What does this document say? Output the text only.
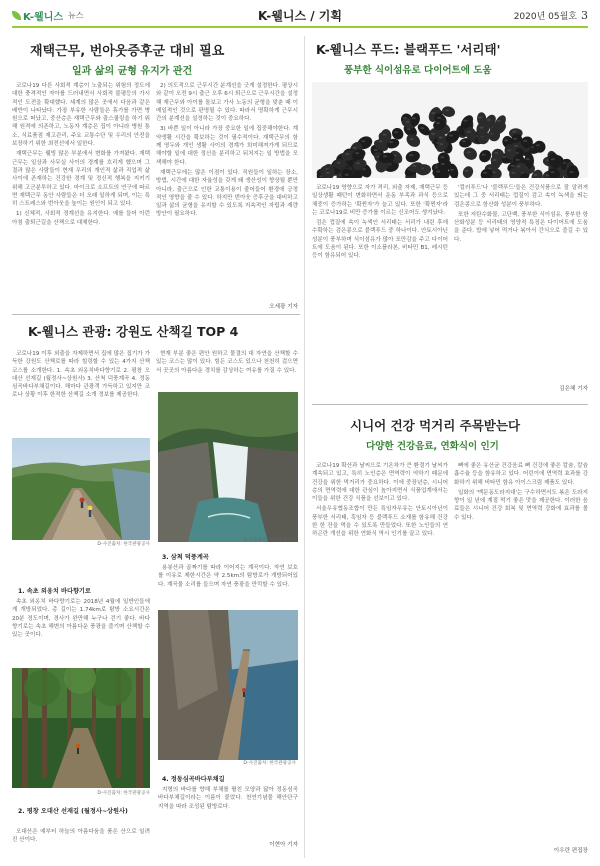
K-웰니스 뉴스	K-웰니스 / 기획	2020년 05월호 3
재택근무, 번아웃증후군 대비 필요
일과 삶의 균형 유지가 관건

코로나19 다른 사회적 계층이 노출되는 위험의 정도에 대한 충격적인 자아를 드러내면서 사회적 불평등의 가시적인 도전을 확대했다. 세계의 많은 곳에서 다음과 같은 배반이 나타났다. 가장 부유한 사람들은 휴가를 가면 병원으로 떠났고, 중산층은 재택근무와 출스쿨링을 하기 위해 원격에 의존하고, 노동자 계층은 집이 아니라 병원 통소, 식료품점 재고관리, 주요 교통수단 및 우리의 안전을 보장하기 위한 최전선에서 일한다.

재택근무는 웰빙 많은 부분에서 변화를 가져왔다. 재택근무는 일상과 사무실 사이의 경계를 흐리게 했으며 그 결과 많은 사람들이 현재 우리의 개인적 삶과 직업적 삶 사이에 존재하는 건강한 경계 및 정신적 행복을 지키기 위해 고군분투하고 있다. 마이크로 소프트의 연구에 따르면 재택근무 동안 사람들은 더 오래 일하게 되며, 이는 특히 스트레스와 번아웃을 높이는 원인이 되고 있다.

1) 신체적, 사회적 경계선을 유지한다. 예를 들어 이런 아침 출퇴근길을 산책으로 대체한다.

2) 의도적으로 근무시간 분계선을 긋게 설정한다. 평상시와 같이 오전 9시 출근 오후 6시 퇴근으로 근무시간을 설정해 재근무와 아이를 돌보고 가사 노동의 균형을 맞춘 때 이메일적인 것으로 판명될 수 있다. 따라서 명확하게 근무시간의 분계선을 설정하는 것이 중요하다.

3) 바쁜 일이 아니라 가장 중요한 일에 집중해야한다. 계약생활 시간을 확보하는 것이 필수적이다. 재택근무의 함께 영두와 개인 생활 사이의 경계가 희미해져가게 되므로 해야할 일에 대한 정신을 분리하고 뒤처지는 일 방법을 모색해야 한다.

재택근무에는 많은 이점이 있다. 직원들이 일하는 장소, 방법, 시간에 대한 자율성을 갖게 돼 생산성이 향상될 뿐만 아니라, 출근으로 인한 교통이용이 줄어들어 환경에 긍정적인 영향을 줄 수 있다. 하지만 번아웃 증후군을 대비하고 일과 삶의 균형을 유지할 수 있도록 지속적인 자립과 재량 방안이 필요하다.

오세광 기자
K-웰니스 관광: 강원도 산책길 TOP 4

코로나19 이후 외출을 자제하면서 집에 많은 집기가 가득한 강원도 산책로를 따라 힐링할 수 있는 4가지 산책 코스를 소개한다. 1. 속초 외옹치바다향기로 2. 평창 오대산 선재길 (월정사~상원사) 3. 산척 덕풍계곡 4. 정동심곡바다부채길이다. 해마다 관광객 가득하고 있지만 코로나 상황 이후 한적한 산책길 소개 정보를 제공한다.

현재 부분 좋은 편안 원하고 물결의 대 자연을 산책할 수 있는 코스는 많이 있다. 힘든 코스도 있으나 천천히 걸으면서 곳곳의 아름다운 경치를 감상하는 여유를 가질 수 있다.

D-사진출처: 한국관광공사
1. 속초 외옹치 바다향기로

속초 외옹치 바다향기로는 2018년 4월에 일반인들에게 개방되었다. 총 길이는 1.74km로 탐방 소요시간은 20분 정도이며, 경사가 완만해 누구나 걷기 좋다. 바다 향기로는 속초 해변의 아름다운 풍광을 즐기며 산책할 수 있는 곳이다.

D-사진출처: 한국관광공사
2. 평창 오대산 선재길 (월정사~상원사)

오대산은 예부터 하늘의 아름다움을 품은 산으로 일려진 산이다.

D-사진출처: 한국관광공사
3. 삼척 덕풍계곡

용봉산과 골짜기를 따라 이어지는 계곡이다. 자연 보호를 이유로 제한시간은 약 2.5km의 탐방로가 개방되어있다. 계곡물 소리를 들으며 자연 풍광을 만끽할 수 있다.

D-사진출처: 한국관광공사
4. 정동심곡바다부채길

지형의 바다를 향해 부채를 펼친 모양과 닮아 정동심곡바다부채길이라는 이름이 붙었다. 천연기념물 해안단구 지역을 따라 조성된 탐방로다.

이현아 기자
K-웰니스 푸드: 블랙푸드 '서리태'
풍부한 식이섬유로 다이어트에 도움

코로나19 영향으로 자가 격리, 외출 자제, 재택근무 등 일상생활 패턴이 변화하면서 운동 부족과 과식 등으로 체중이 증가하는 '확찐자'가 늘고 있다. 또한 '확찐자'라는 코로나19로 비만 증가를 이르는 신조어도 생겨났다.

검은 껍질에 속이 녹색인 서리태는 서리가 내린 후에 수확하는 검은콩으로 블랙푸드 중 하나이다. 안토시아닌 성분이 풍부하며 식이섬유가 많아 포만감을 주고 다이어트에 도움이 된다. 또한 이소플라본, 비타민 B1, 레시틴 등이 함유되어 있다.

'컬러푸드'나 '블랙푸드'들은 건강식품으로 잘 알려져 있는데 그 중 서리태는 껍질이 검고 속이 녹색을 띄는 검은콩으로 항산화 성분이 풍부하다.

또한 저탄수화물, 고단백, 풍부한 식이섬유, 풍부한 항산화성분 등 서리태의 영양적 특징은 다이어트에 도움을 준다. 밥에 넣어 먹거나 볶아서 간식으로 즐길 수 있다.

김은혜 기자
시니어 건강 먹거리 주목받는다
다양한 건강음료, 연화식이 인기

코로나19 확산과 날씨으로 기온차가 큰 환절기 날씨가 계속되고 있고, 특히 노인층은 면역력이 약하기 때문에 건강을 위한 먹거리가 중요하다. 이에 중장년층, 시니어층의 면역력에 대한 관심이 높아지면서 식품업계에서는 이들을 위한 건강 식품을 선보이고 있다.

서울우유협동조합이 만든 특임자우유는 안토시아닌이 풍부한 서리태, 흑임자 등 블랙푸드 소재를 함유해 건강한 한 잔을 먹을 수 있도록 만들었다. 또한 노인들의 연하곤란 개선을 위한 연화식 역시 인기를 끌고 있다.

뼈에 좋은 유산균 건강음료 뼈 건강에 좋은 칼슘, 칼슘흡수율 등을 함유하고 있다. 어린이에 면역력 효과를 강화하기 위해 비타민 함유 아이스크림 제품도 있다.

일화의 '맥문동도라지대'는 구수하면서도 볶은 도라지향이 일 년에 계절 먹기 좋은 맛을 제공한다. 이러한 음료들은 시니어 건강 회복 및 면역력 강화에 효과를 볼 수 있다.

이우란 편집장
